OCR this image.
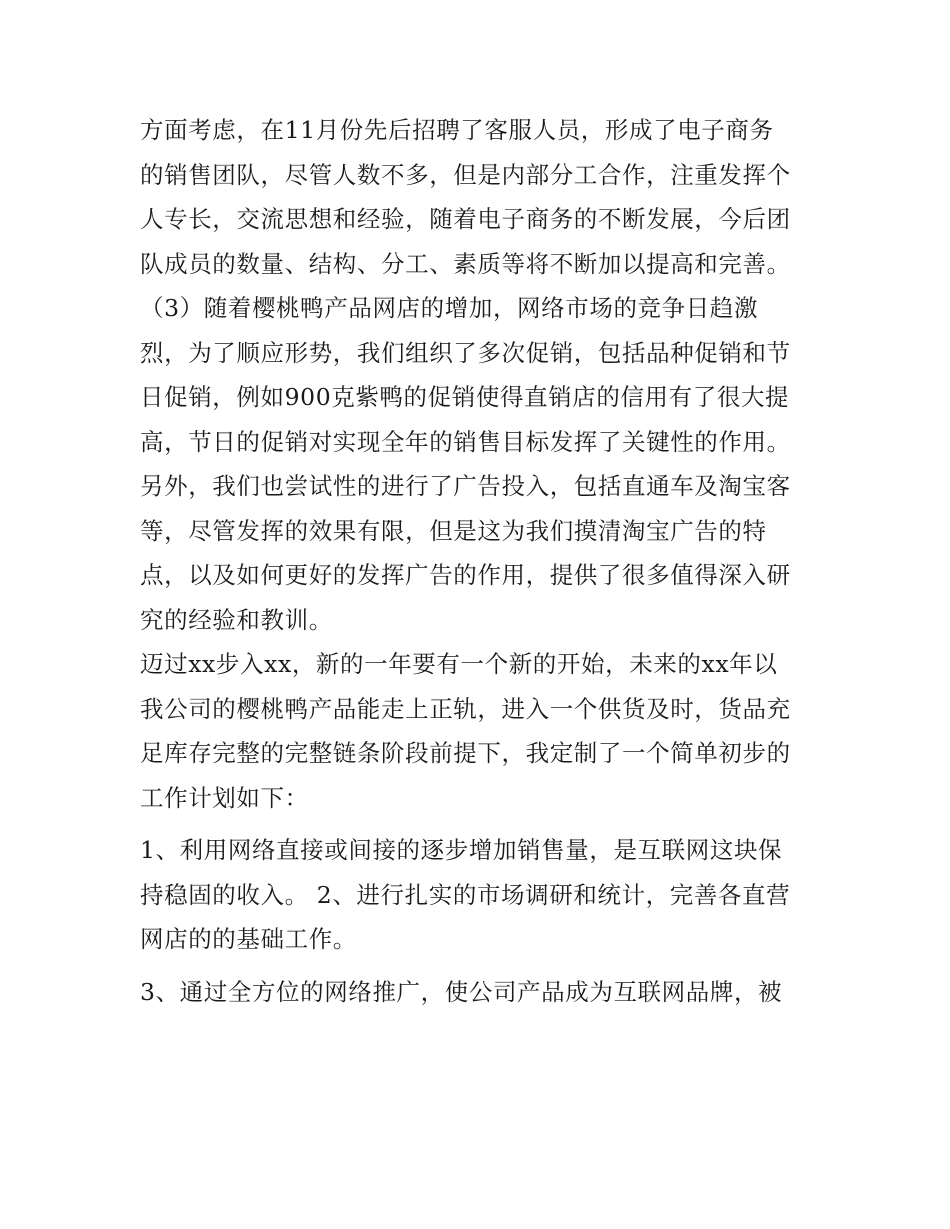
方面考虑，在11月份先后招聘了客服人员，形成了电子商务
的销售团队，尽管人数不多，但是内部分工合作，注重发挥个
人专长，交流思想和经验，随着电子商务的不断发展，今后团
队成员的数量、结构、分工、素质等将不断加以提高和完善。
（3）随着樱桃鸭产品网店的增加，网络市场的竞争日趋激
烈，为了顺应形势，我们组织了多次促销，包括品种促销和节
日促销，例如900克紫鸭的促销使得直销店的信用有了很大提
高，节日的促销对实现全年的销售目标发挥了关键性的作用。
另外，我们也尝试性的进行了广告投入，包括直通车及淘宝客
等，尽管发挥的效果有限，但是这为我们摸清淘宝广告的特
点，以及如何更好的发挥广告的作用，提供了很多值得深入研
究的经验和教训。
迈过xx步入xx，新的一年要有一个新的开始，未来的xx年以
我公司的樱桃鸭产品能走上正轨，进入一个供货及时，货品充
足库存完整的完整链条阶段前提下，我定制了一个简单初步的
工作计划如下：
1、利用网络直接或间接的逐步增加销售量，是互联网这块保
持稳固的收入。 2、进行扎实的市场调研和统计，完善各直营
网店的的基础工作。
3、通过全方位的网络推广，使公司产品成为互联网品牌，被
